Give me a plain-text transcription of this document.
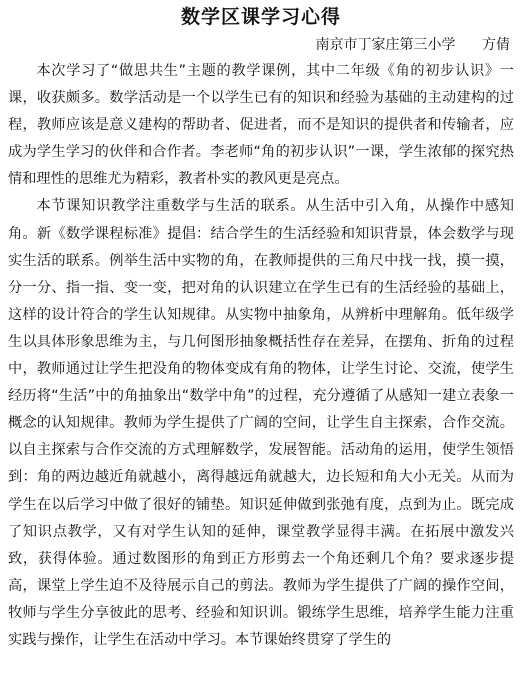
数学区课学习心得
南京市丁家庄第三小学 方倩

本次学习了“做思共生”主题的教学课例，其中二年级《角的初步认识》一课，收获颇多。数学活动是一个以学生已有的知识和经验为基础的主动建构的过程，教师应该是意义建构的帮助者、促进者，而不是知识的提供者和传输者，应成为学生学习的伙伴和合作者。李老师“角的初步认识”一课，学生浓郁的探究热情和理性的思维尤为精彩，教者朴实的教风更是亮点。

本节课知识教学注重数学与生活的联系。从生活中引入角，从操作中感知角。新《数学课程标准》提倡：结合学生的生活经验和知识背景，体会数学与现实生活的联系。例举生活中实物的角，在教师提供的三角尺中找一找，摸一摸，分一分、指一指、变一变，把对角的认识建立在学生已有的生活经验的基础上，这样的设计符合的学生认知规律。从实物中抽象角，从辨析中理解角。低年级学生以具体形象思维为主，与几何图形抽象概括性存在差异，在摆角、折角的过程中，教师通过让学生把没角的物体变成有角的物体，让学生讨论、交流，使学生经历将“生活”中的角抽象出“数学中角”的过程，充分遵循了从感知一建立表象一概念的认知规律。教师为学生提供了广阔的空间，让学生自主探索，合作交流。以自主探索与合作交流的方式理解数学，发展智能。活动角的运用，使学生领悟到：角的两边越近角就越小，离得越远角就越大，边长短和角大小无关。从而为学生在以后学习中做了很好的铺垫。知识延伸做到张弛有度，点到为止。既完成了知识点教学，又有对学生认知的延伸，课堂教学显得丰满。在拓展中激发兴致，获得体验。通过数图形的角到正方形剪去一个角还剩几个角？要求逐步提高，课堂上学生迫不及待展示自己的剪法。教师为学生提供了广阔的操作空间，牧师与学生分享彼此的思考、经验和知识训。锻练学生思维，培养学生能力注重实践与操作，让学生在活动中学习。本节课始终贯穿了学生的
